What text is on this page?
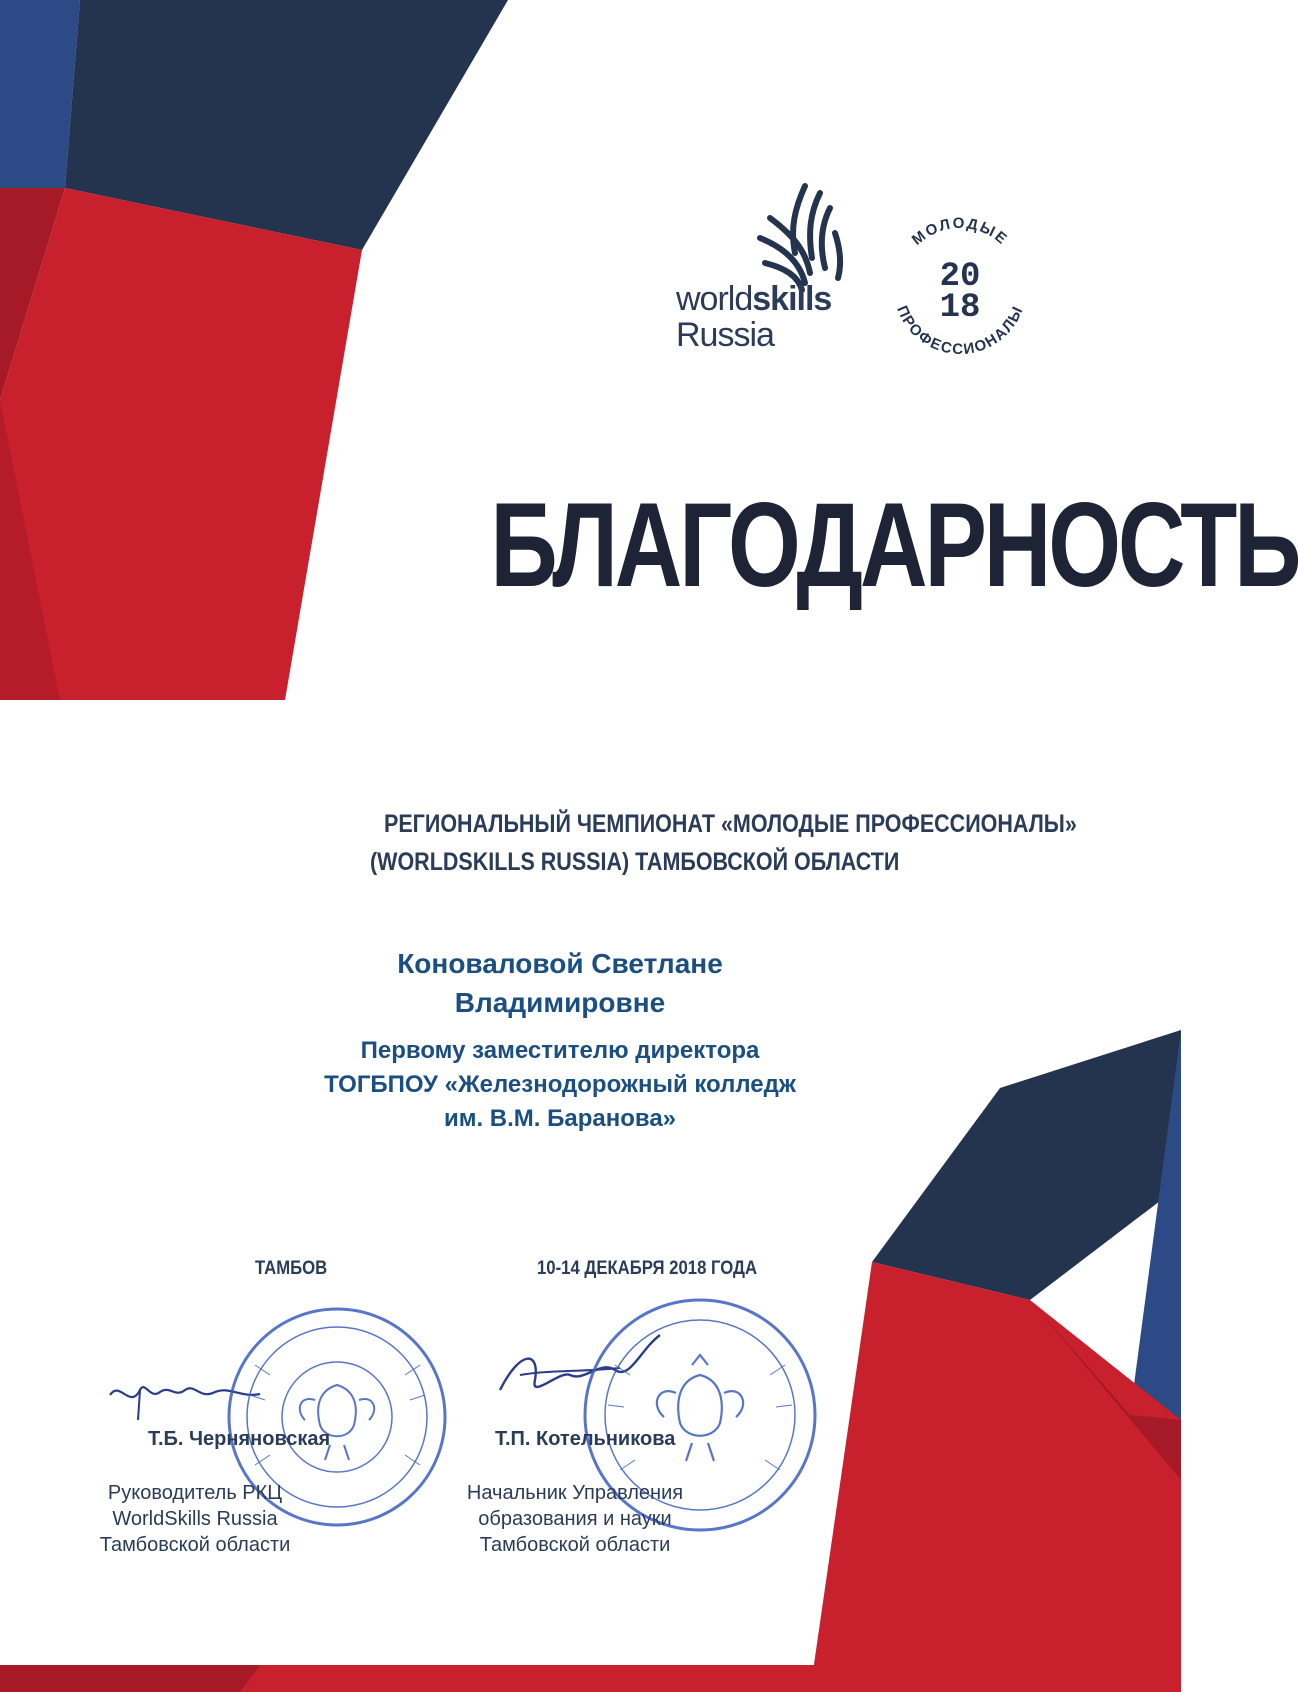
worldskills
Russia
МОЛОДЫЕ
ПРОФЕССИОНАЛЫ
20
18
БЛАГОДАРНОСТЬ
РЕГИОНАЛЬНЫЙ ЧЕМПИОНАТ «МОЛОДЫЕ ПРОФЕССИОНАЛЫ»
(WORLDSKILLS RUSSIA) ТАМБОВСКОЙ ОБЛАСТИ
Коноваловой Светлане
Владимировне
Первому заместителю директора
ТОГБПОУ «Железнодорожный колледж
им. В.М. Баранова»
ТАМБОВ	10-14 ДЕКАБРЯ 2018 ГОДА
Т.Б. Черняновская
Руководитель РКЦ
WorldSkills Russia
Тамбовской области
Т.П. Котельникова
Начальник Управления
образования и науки
Тамбовской области
